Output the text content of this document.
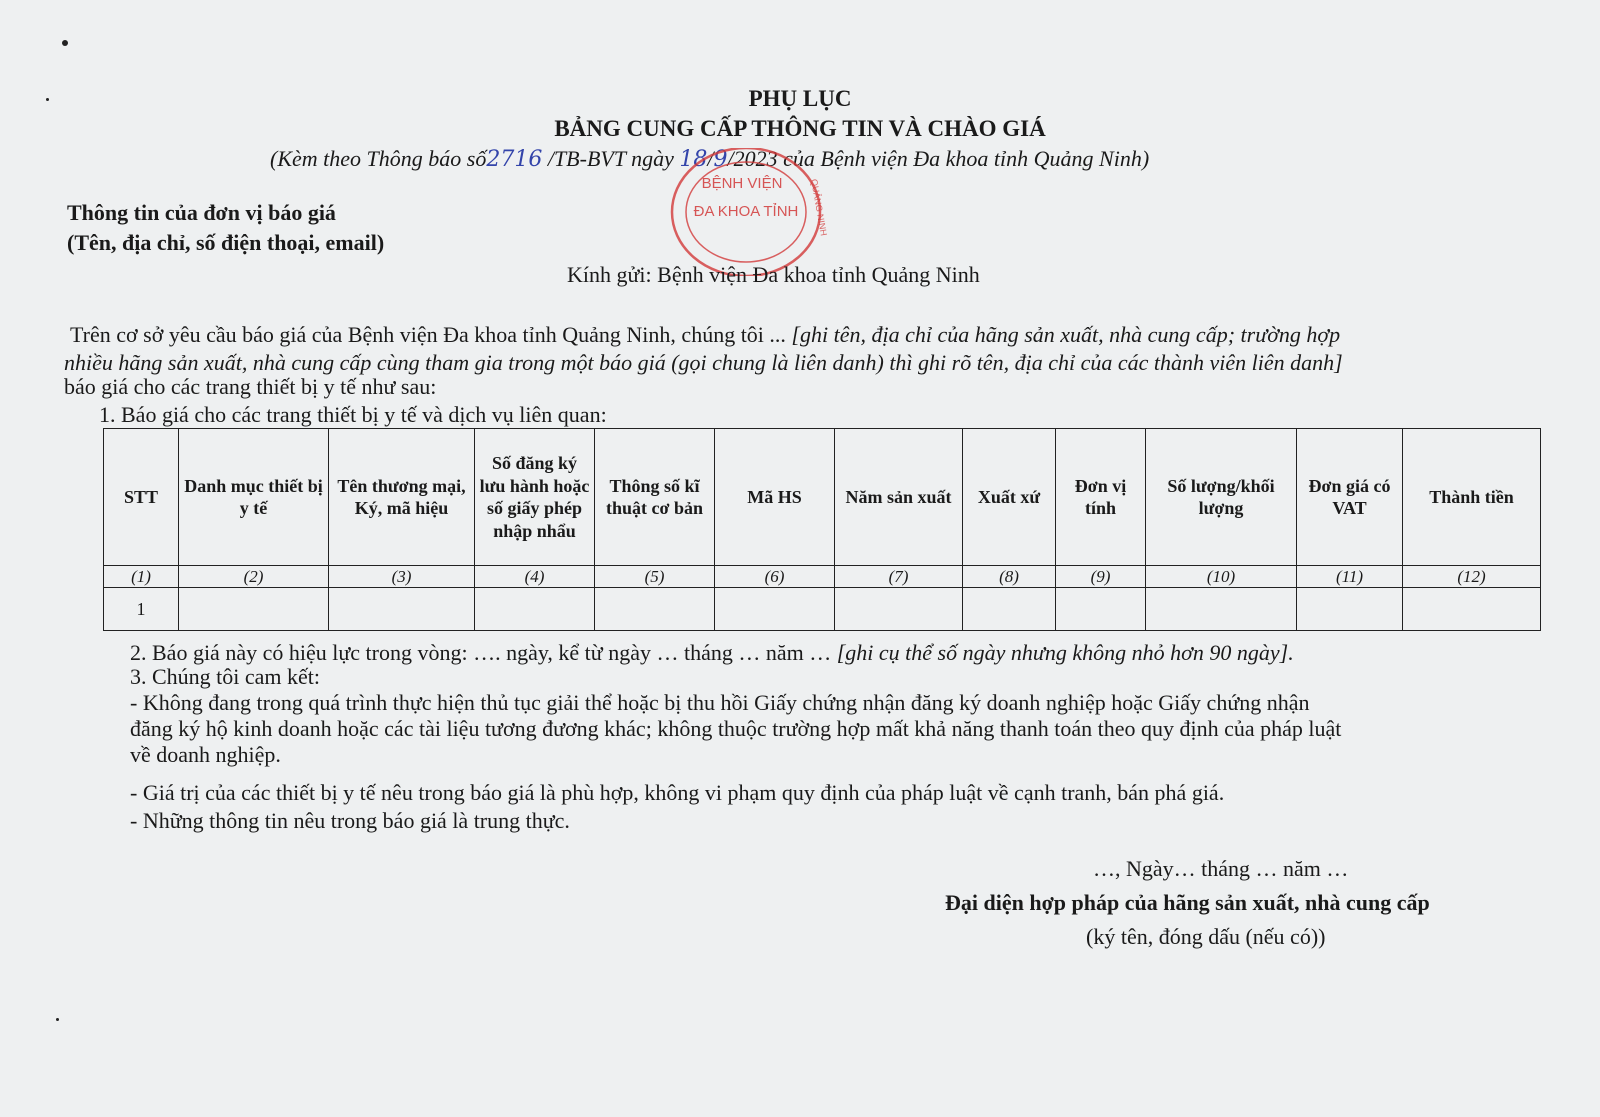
PHỤ LỤC
BẢNG CUNG CẤP THÔNG TIN VÀ CHÀO GIÁ
(Kèm theo Thông báo số2716 /TB-BVT ngày 18/9/2023 của Bệnh viện Đa khoa tỉnh Quảng Ninh)
BỆNH VIỆN
ĐA KHOA TỈNH QUẢNG NINH
Thông tin của đơn vị báo giá
(Tên, địa chỉ, số điện thoại, email)
Kính gửi: Bệnh viện Đa khoa tỉnh Quảng Ninh
Trên cơ sở yêu cầu báo giá của Bệnh viện Đa khoa tỉnh Quảng Ninh, chúng tôi ... [ghi tên, địa chỉ của hãng sản xuất, nhà cung cấp; trường hợp
nhiều hãng sản xuất, nhà cung cấp cùng tham gia trong một báo giá (gọi chung là liên danh) thì ghi rõ tên, địa chỉ của các thành viên liên danh]
báo giá cho các trang thiết bị y tế như sau:
1. Báo giá cho các trang thiết bị y tế và dịch vụ liên quan:
STT	Danh mục thiết bị y tế	Tên thương mại, Ký, mã hiệu	Số đăng ký lưu hành hoặc số giấy phép nhập nhẩu	Thông số kĩ thuật cơ bản	Mã HS	Năm sản xuất	Xuất xứ	Đơn vị tính	Số lượng/khối lượng	Đơn giá có VAT	Thành tiền
(1)	(2)	(3)	(4)	(5)	(6)	(7)	(8)	(9)	(10)	(11)	(12)
1											
2. Báo giá này có hiệu lực trong vòng: …. ngày, kể từ ngày … tháng … năm … [ghi cụ thể số ngày nhưng không nhỏ hơn 90 ngày].
3. Chúng tôi cam kết:
- Không đang trong quá trình thực hiện thủ tục giải thể hoặc bị thu hồi Giấy chứng nhận đăng ký doanh nghiệp hoặc Giấy chứng nhận
đăng ký hộ kinh doanh hoặc các tài liệu tương đương khác; không thuộc trường hợp mất khả năng thanh toán theo quy định của pháp luật
về doanh nghiệp.
- Giá trị của các thiết bị y tế nêu trong báo giá là phù hợp, không vi phạm quy định của pháp luật về cạnh tranh, bán phá giá.
- Những thông tin nêu trong báo giá là trung thực.
…, Ngày… tháng … năm …
Đại diện hợp pháp của hãng sản xuất, nhà cung cấp
(ký tên, đóng dấu (nếu có))
